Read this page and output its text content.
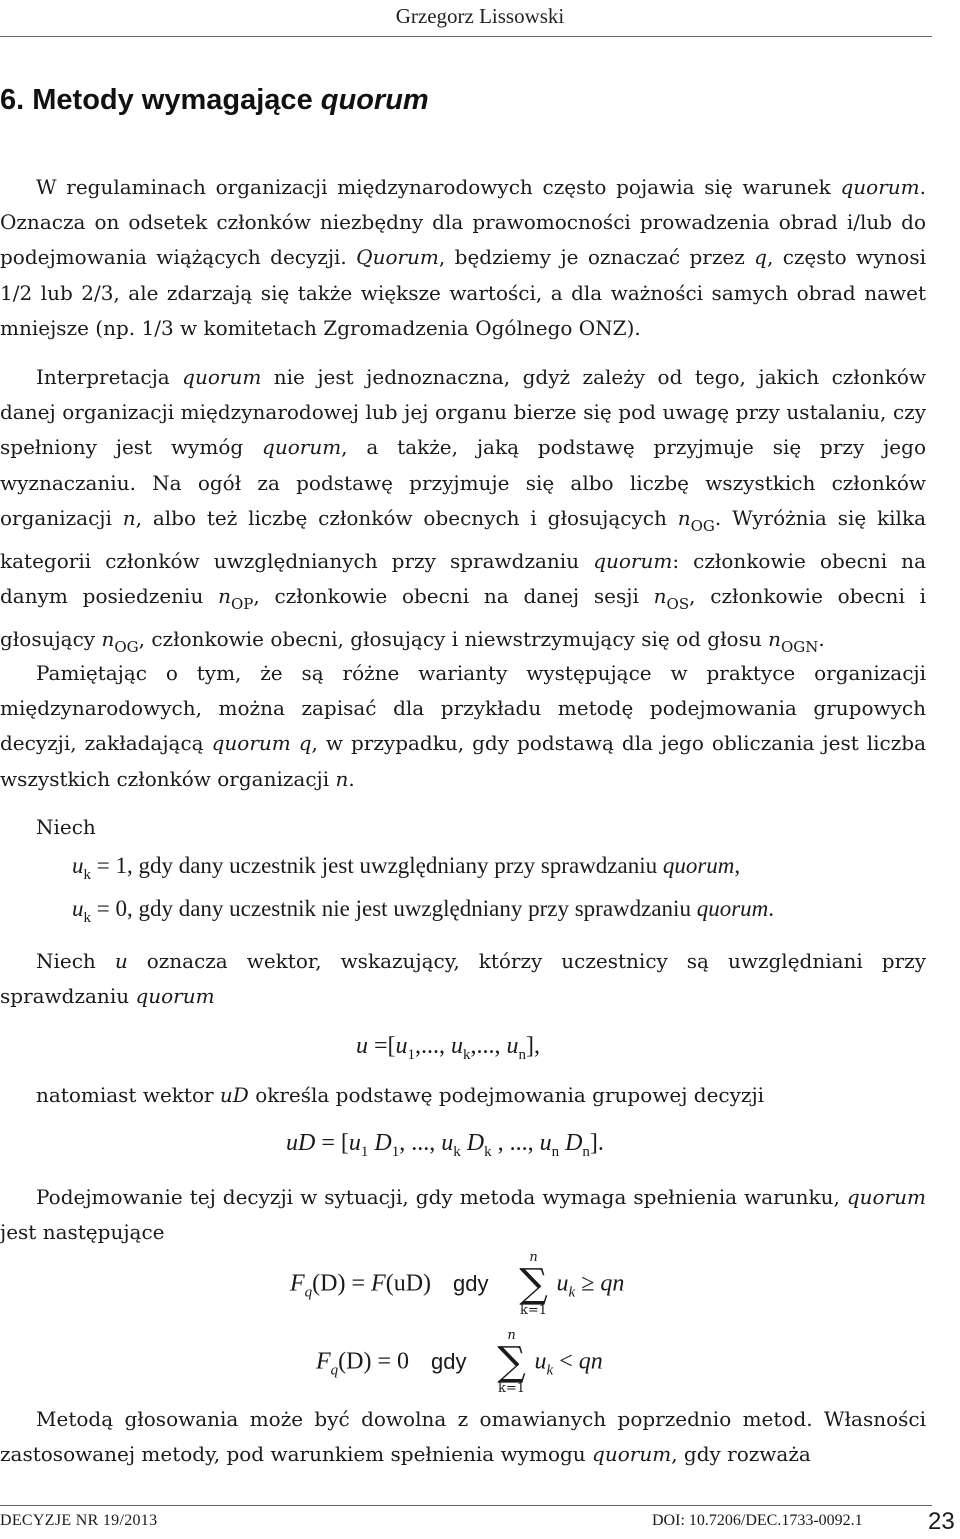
Grzegorz Lissowski
6. Metody wymagające quorum
W regulaminach organizacji międzynarodowych często pojawia się warunek quorum. Oznacza on odsetek członków niezbędny dla prawomocności prowadzenia obrad i/lub do podejmowania wiążących decyzji. Quorum, będziemy je oznaczać przez q, często wynosi 1/2 lub 2/3, ale zdarzają się także większe wartości, a dla ważności samych obrad nawet mniejsze (np. 1/3 w komitetach Zgromadzenia Ogólnego ONZ).
Interpretacja quorum nie jest jednoznaczna, gdyż zależy od tego, jakich członków danej organizacji międzynarodowej lub jej organu bierze się pod uwagę przy ustalaniu, czy spełniony jest wymóg quorum, a także, jaką podstawę przyjmuje się przy jego wyznaczaniu. Na ogół za podstawę przyjmuje się albo liczbę wszystkich członków organizacji n, albo też liczbę członków obecnych i głosujących $n_{OG}$. Wyróżnia się kilka kategorii członków uwzględnianych przy sprawdzaniu quorum: członkowie obecni na danym posiedzeniu $n_{OP}$, członkowie obecni na danej sesji $n_{OS}$, członkowie obecni i głosujący $n_{OG}$, członkowie obecni, głosujący i niewstrzymujący się od głosu $n_{OGN}$.
Pamiętając o tym, że są różne warianty występujące w praktyce organizacji międzynarodowych, można zapisać dla przykładu metodę podejmowania grupowych decyzji, zakładającą quorum q, w przypadku, gdy podstawą dla jego obliczania jest liczba wszystkich członków organizacji n.
Niech
$u_k = 1$, gdy dany uczestnik jest uwzględniany przy sprawdzaniu quorum,
$u_k = 0$, gdy dany uczestnik nie jest uwzględniany przy sprawdzaniu quorum.
Niech u oznacza wektor, wskazujący, którzy uczestnicy są uwzględniani przy sprawdzaniu quorum
$u =[u_1$,..., $u_k$,..., $u_n$],
natomiast wektor uD określa podstawę podejmowania grupowej decyzji
uD = [$u_1$ $D_1$, ..., $u_k$ $D_k$ , ..., $u_n$ $D_n$].
Podejmowanie tej decyzji w sytuacji, gdy metoda wymaga spełnienia warunku, quorum jest następujące
$F_q(D) = F(uD)$ gdy
n
∑
k=1
$u_k$ ≥ qn
$F_q(D) = 0$ gdy
n
∑
k=1
$u_k$ < qn
Metodą głosowania może być dowolna z omawianych poprzednio metod. Własności zastosowanej metody, pod warunkiem spełnienia wymogu quorum, gdy rozważa
DECYZJE NR 19/2013	DOI: 10.7206/DEC.1733-0092.1	23
